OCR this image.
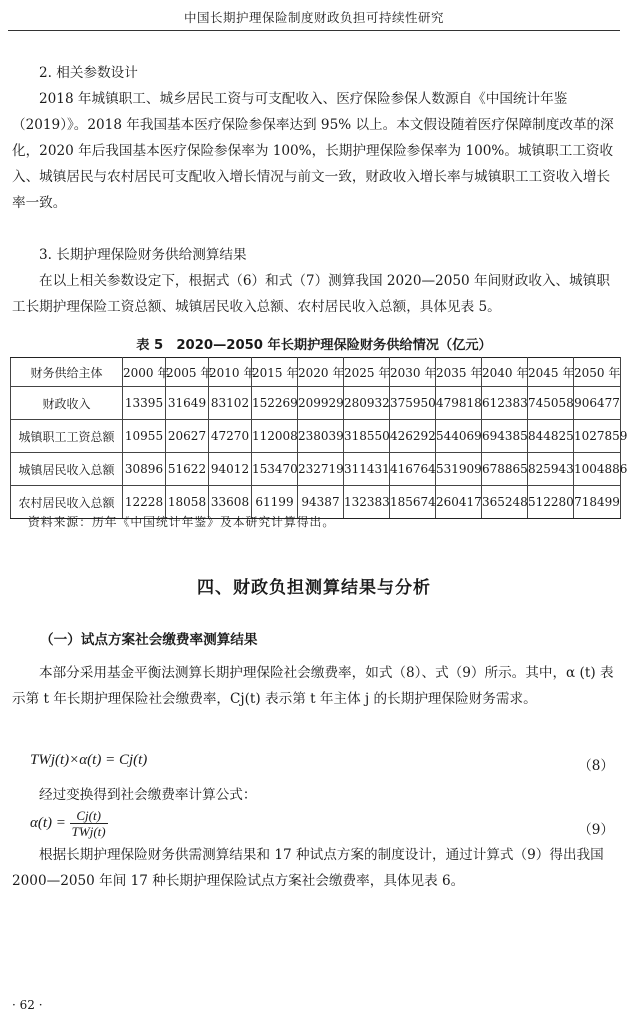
中国长期护理保险制度财政负担可持续性研究
2. 相关参数设计
2018 年城镇职工、城乡居民工资与可支配收入、医疗保险参保人数源自《中国统计年鉴（2019）》。2018 年我国基本医疗保险参保率达到 95% 以上。本文假设随着医疗保障制度改革的深化，2020 年后我国基本医疗保险参保率为 100%，长期护理保险参保率为 100%。城镇职工工资收入、城镇居民与农村居民可支配收入增长情况与前文一致，财政收入增长率与城镇职工工资收入增长率一致。
3. 长期护理保险财务供给测算结果
在以上相关参数设定下，根据式（6）和式（7）测算我国 2020—2050 年间财政收入、城镇职工长期护理保险工资总额、城镇居民收入总额、农村居民收入总额，具体见表 5。
表 5　2020—2050 年长期护理保险财务供给情况（亿元）
财务供给主体	2000 年	2005 年	2010 年	2015 年	2020 年	2025 年	2030 年	2035 年	2040 年	2045 年	2050 年
财政收入	13395	31649	83102	152269	209929	280932	375950	479818	612383	745058	906477
城镇职工工资总额	10955	20627	47270	112008	238039	318550	426292	544069	694385	844825	1027859
城镇居民收入总额	30896	51622	94012	153470	232719	311431	416764	531909	678865	825943	1004886
农村居民收入总额	12228	18058	33608	61199	94387	132383	185674	260417	365248	512280	718499
资料来源：历年《中国统计年鉴》及本研究计算得出。
四、财政负担测算结果与分析
（一）试点方案社会缴费率测算结果
本部分采用基金平衡法测算长期护理保险社会缴费率，如式（8）、式（9）所示。其中，α (t) 表示第 t 年长期护理保险社会缴费率，Cj(t) 表示第 t 年主体 j 的长期护理保险财务需求。
TWj(t)×α(t) = Cj(t)	（8）
经过变换得到社会缴费率计算公式：
$\alpha(t) = \frac{Cj(t)}{\text{TWj(t)}}$	（9）
根据长期护理保险财务供需测算结果和 17 种试点方案的制度设计，通过计算式（9）得出我国 2000—2050 年间 17 种长期护理保险试点方案社会缴费率，具体见表 6。
· 62 ·
